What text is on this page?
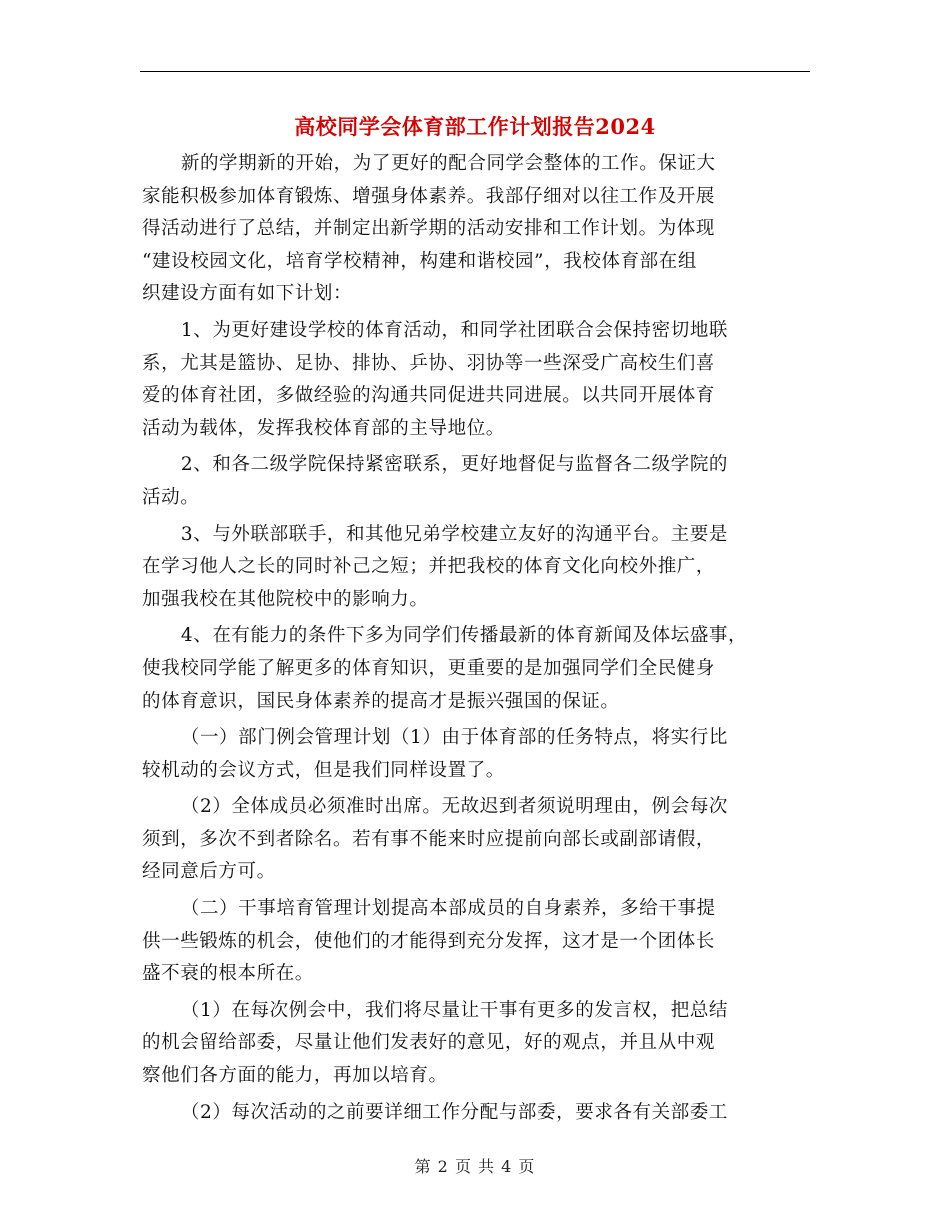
高校同学会体育部工作计划报告2024
新的学期新的开始，为了更好的配合同学会整体的工作。保证大
家能积极参加体育锻炼、增强身体素养。我部仔细对以往工作及开展
得活动进行了总结，并制定出新学期的活动安排和工作计划。为体现
“建设校园文化，培育学校精神，构建和谐校园”，我校体育部在组
织建设方面有如下计划：
1、为更好建设学校的体育活动，和同学社团联合会保持密切地联
系，尤其是篮协、足协、排协、乒协、羽协等一些深受广高校生们喜
爱的体育社团，多做经验的沟通共同促进共同进展。以共同开展体育
活动为载体，发挥我校体育部的主导地位。
2、和各二级学院保持紧密联系，更好地督促与监督各二级学院的
活动。
3、与外联部联手，和其他兄弟学校建立友好的沟通平台。主要是
在学习他人之长的同时补己之短；并把我校的体育文化向校外推广，
加强我校在其他院校中的影响力。
4、在有能力的条件下多为同学们传播最新的体育新闻及体坛盛事，
使我校同学能了解更多的体育知识，更重要的是加强同学们全民健身
的体育意识，国民身体素养的提高才是振兴强国的保证。
（一）部门例会管理计划（1）由于体育部的任务特点，将实行比
较机动的会议方式，但是我们同样设置了。
（2）全体成员必须准时出席。无故迟到者须说明理由，例会每次
须到，多次不到者除名。若有事不能来时应提前向部长或副部请假，
经同意后方可。
（二）干事培育管理计划提高本部成员的自身素养，多给干事提
供一些锻炼的机会，使他们的才能得到充分发挥，这才是一个团体长
盛不衰的根本所在。
（1）在每次例会中，我们将尽量让干事有更多的发言权，把总结
的机会留给部委，尽量让他们发表好的意见，好的观点，并且从中观
察他们各方面的能力，再加以培育。
（2）每次活动的之前要详细工作分配与部委，要求各有关部委工
第 2 页 共 4 页
